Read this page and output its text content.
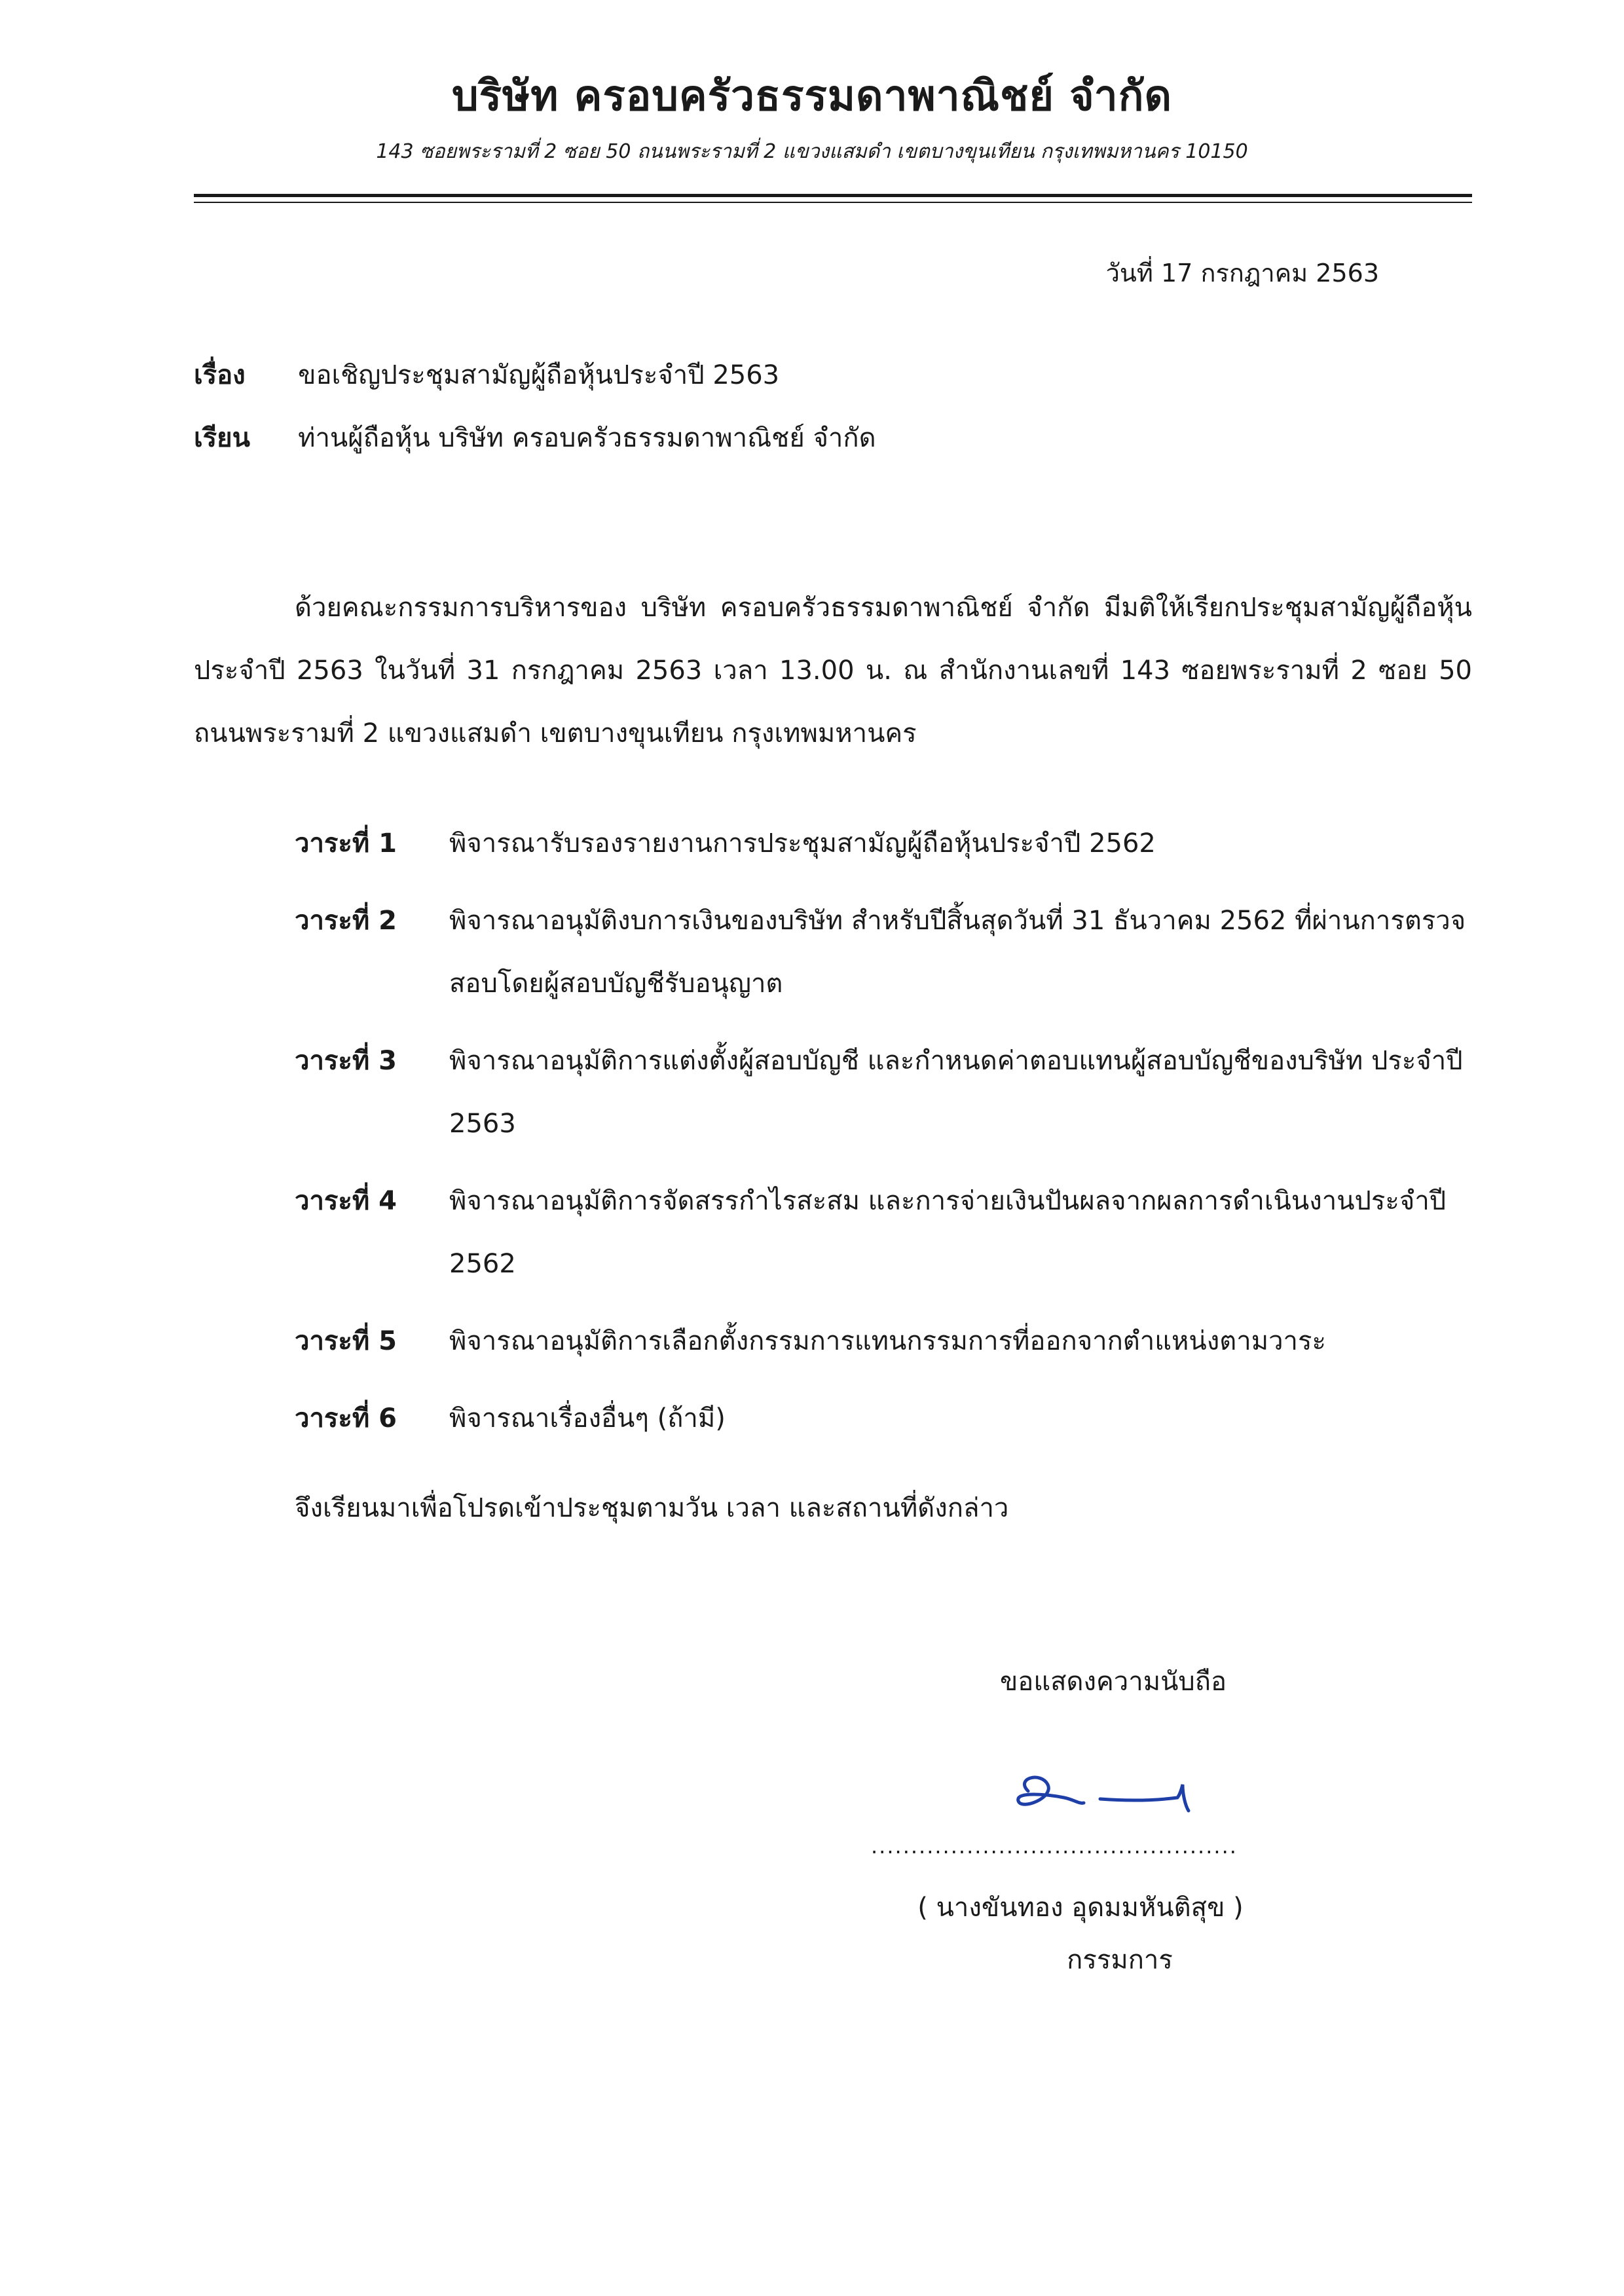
บริษัท ครอบครัวธรรมดาพาณิชย์ จำกัด
143 ซอยพระรามที่ 2 ซอย 50 ถนนพระรามที่ 2 แขวงแสมดำ เขตบางขุนเทียน กรุงเทพมหานคร 10150
วันที่ 17 กรกฎาคม 2563
เรื่อง ขอเชิญประชุมสามัญผู้ถือหุ้นประจำปี 2563
เรียน ท่านผู้ถือหุ้น บริษัท ครอบครัวธรรมดาพาณิชย์ จำกัด
ด้วยคณะกรรมการบริหารของ บริษัท ครอบครัวธรรมดาพาณิชย์ จำกัด มีมติให้เรียกประชุมสามัญผู้ถือหุ้นประจำปี 2563 ในวันที่ 31 กรกฎาคม 2563 เวลา 13.00 น. ณ สำนักงานเลขที่ 143 ซอยพระรามที่ 2 ซอย 50 ถนนพระรามที่ 2 แขวงแสมดำ เขตบางขุนเทียน กรุงเทพมหานคร
วาระที่ 1	พิจารณารับรองรายงานการประชุมสามัญผู้ถือหุ้นประจำปี 2562
วาระที่ 2	พิจารณาอนุมัติงบการเงินของบริษัท สำหรับปีสิ้นสุดวันที่ 31 ธันวาคม 2562 ที่ผ่านการตรวจสอบโดยผู้สอบบัญชีรับอนุญาต
วาระที่ 3	พิจารณาอนุมัติการแต่งตั้งผู้สอบบัญชี และกำหนดค่าตอบแทนผู้สอบบัญชีของบริษัท ประจำปี 2563
วาระที่ 4	พิจารณาอนุมัติการจัดสรรกำไรสะสม และการจ่ายเงินปันผลจากผลการดำเนินงานประจำปี 2562
วาระที่ 5	พิจารณาอนุมัติการเลือกตั้งกรรมการแทนกรรมการที่ออกจากตำแหน่งตามวาระ
วาระที่ 6	พิจารณาเรื่องอื่นๆ (ถ้ามี)
จึงเรียนมาเพื่อโปรดเข้าประชุมตามวัน เวลา และสถานที่ดังกล่าว
ขอแสดงความนับถือ
..............................................
( นางขันทอง อุดมมหันติสุข )
กรรมการ
